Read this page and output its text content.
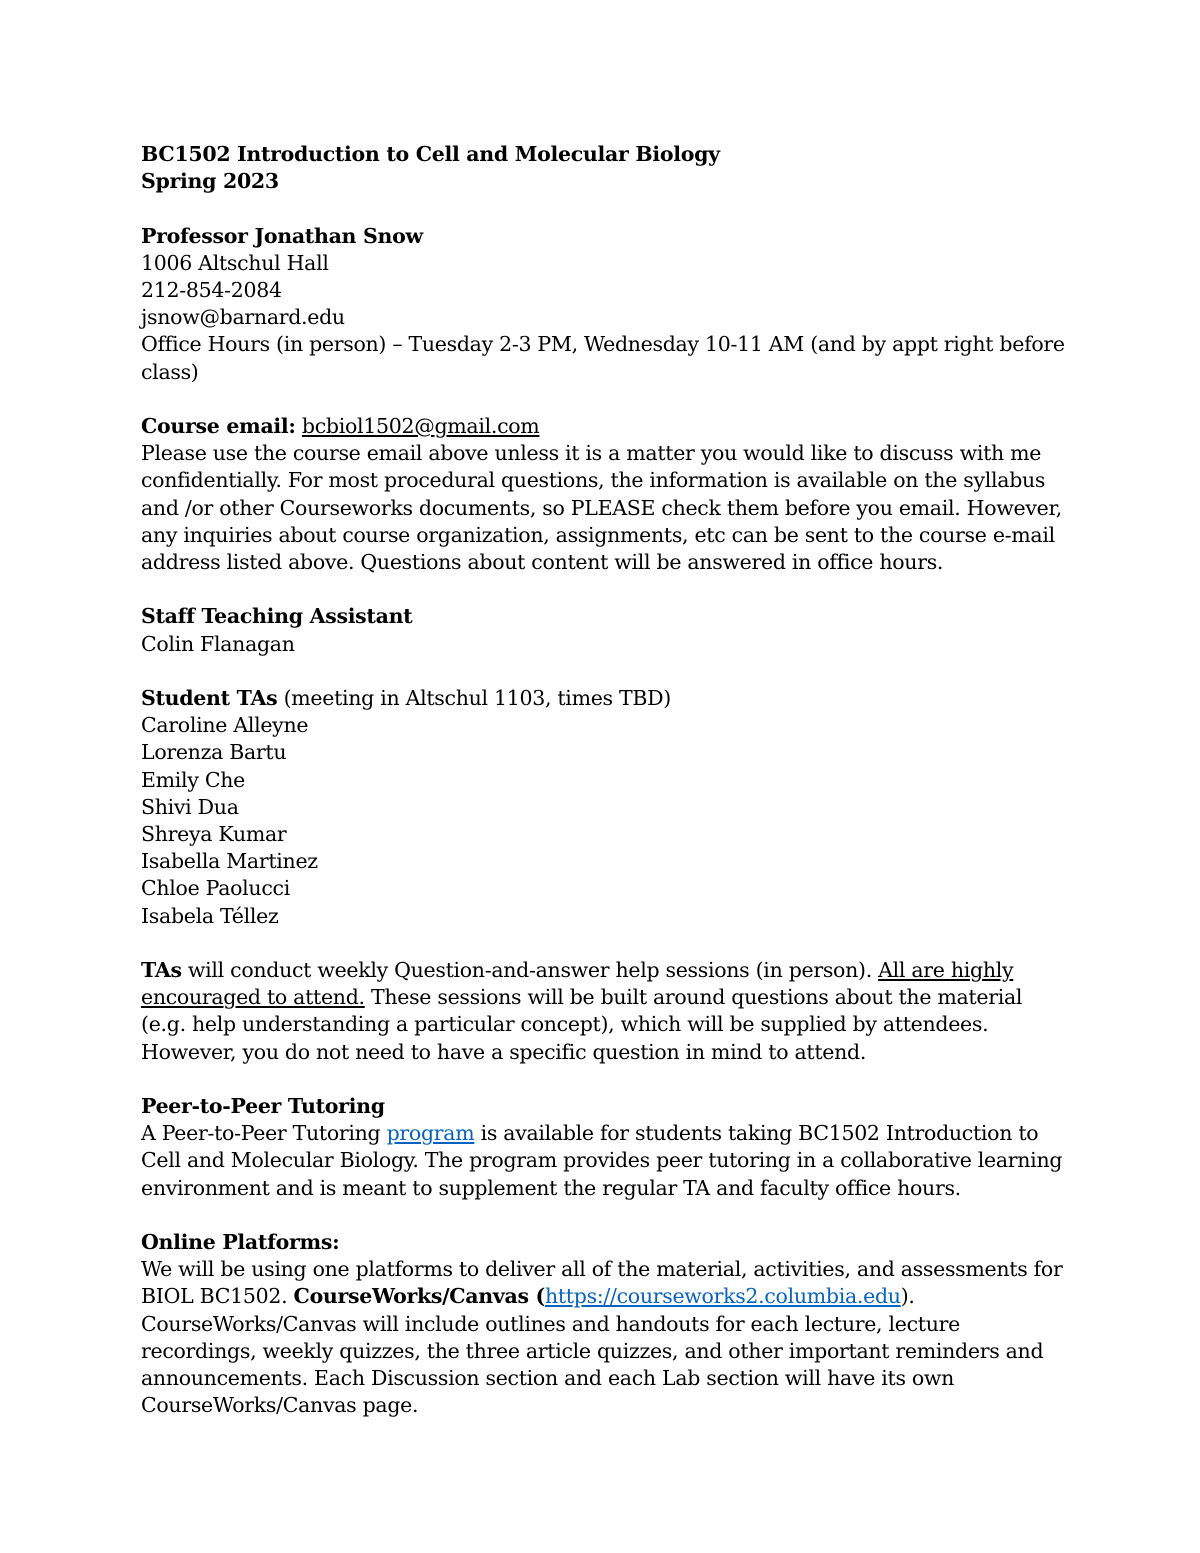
BC1502 Introduction to Cell and Molecular Biology

Spring 2023

Professor Jonathan Snow

1006 Altschul Hall

212-854-2084

jsnow@barnard.edu

Office Hours (in person) – Tuesday 2-3 PM, Wednesday 10-11 AM (and by appt right before class)

Course email: bcbiol1502@gmail.com

Please use the course email above unless it is a matter you would like to discuss with me confidentially. For most procedural questions, the information is available on the syllabus and /or other Courseworks documents, so PLEASE check them before you email. However, any inquiries about course organization, assignments, etc can be sent to the course e-mail address listed above. Questions about content will be answered in office hours.

Staff Teaching Assistant

Colin Flanagan

Student TAs (meeting in Altschul 1103, times TBD)

Caroline Alleyne

Lorenza Bartu

Emily Che

Shivi Dua

Shreya Kumar

Isabella Martinez

Chloe Paolucci

Isabela Téllez

TAs will conduct weekly Question-and-answer help sessions (in person). All are highly encouraged to attend. These sessions will be built around questions about the material (e.g. help understanding a particular concept), which will be supplied by attendees. However, you do not need to have a specific question in mind to attend.

Peer-to-Peer Tutoring

A Peer-to-Peer Tutoring program is available for students taking BC1502 Introduction to Cell and Molecular Biology. The program provides peer tutoring in a collaborative learning environment and is meant to supplement the regular TA and faculty office hours.

Online Platforms:

We will be using one platforms to deliver all of the material, activities, and assessments for BIOL BC1502. CourseWorks/Canvas (https://courseworks2.columbia.edu). CourseWorks/Canvas will include outlines and handouts for each lecture, lecture recordings, weekly quizzes, the three article quizzes, and other important reminders and announcements. Each Discussion section and each Lab section will have its own CourseWorks/Canvas page.
